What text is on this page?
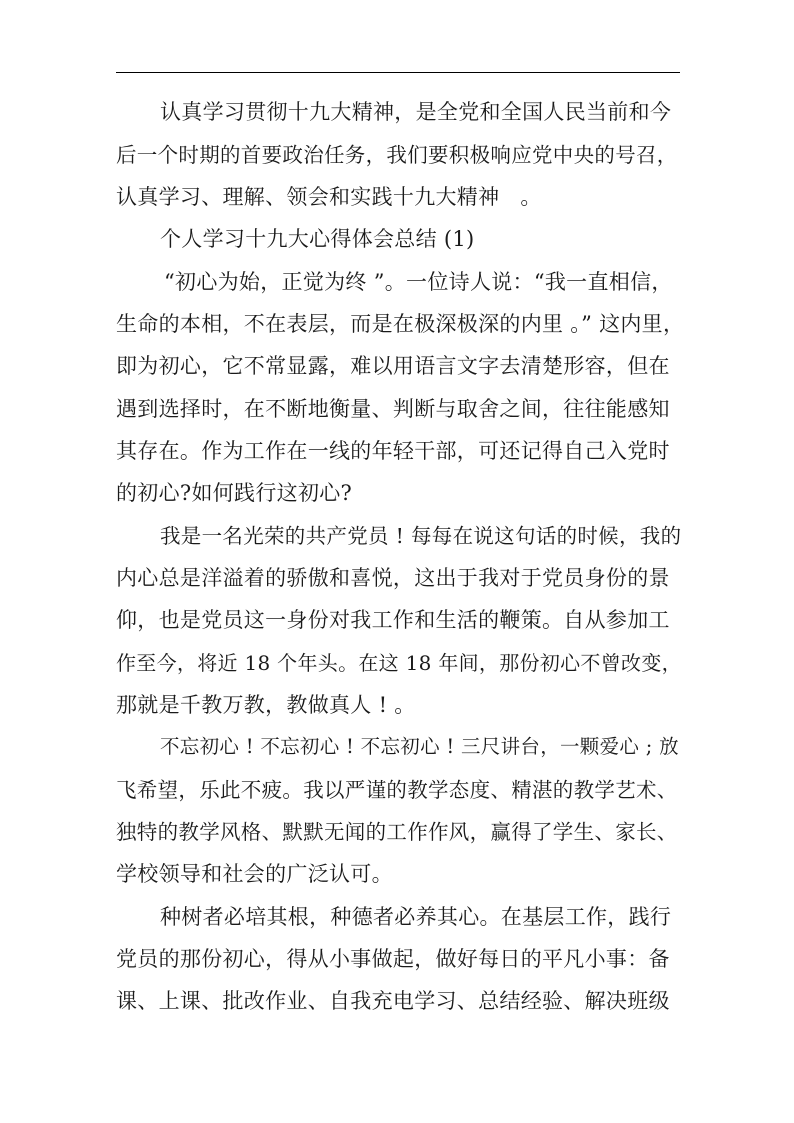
认真学习贯彻十九大精神，是全党和全国人民当前和今
后一个时期的首要政治任务，我们要积极响应党中央的号召，
认真学习、理解、领会和实践十九大精神   。
个人学习十九大心得体会总结 (1)
“初心为始，正觉为终 ”。一位诗人说：“我一直相信，
生命的本相，不在表层，而是在极深极深的内里 。” 这内里，
即为初心，它不常显露，难以用语言文字去清楚形容，但在
遇到选择时，在不断地衡量、判断与取舍之间，往往能感知
其存在。作为工作在一线的年轻干部，可还记得自己入党时
的初心?如何践行这初心?
我是一名光荣的共产党员 ! 每每在说这句话的时候，我的
内心总是洋溢着的骄傲和喜悦，这出于我对于党员身份的景
仰，也是党员这一身份对我工作和生活的鞭策。自从参加工
作至今，将近 18 个年头。在这 18 年间，那份初心不曾改变，
那就是千教万教，教做真人 ! 。
不忘初心 ! 不忘初心 ! 不忘初心 ! 三尺讲台，一颗爱心 ; 放
飞希望，乐此不疲。我以严谨的教学态度、精湛的教学艺术、
独特的教学风格、默默无闻的工作作风，赢得了学生、家长、
学校领导和社会的广泛认可。
种树者必培其根，种德者必养其心。在基层工作，践行
党员的那份初心，得从小事做起，做好每日的平凡小事：备
课、上课、批改作业、自我充电学习、总结经验、解决班级
